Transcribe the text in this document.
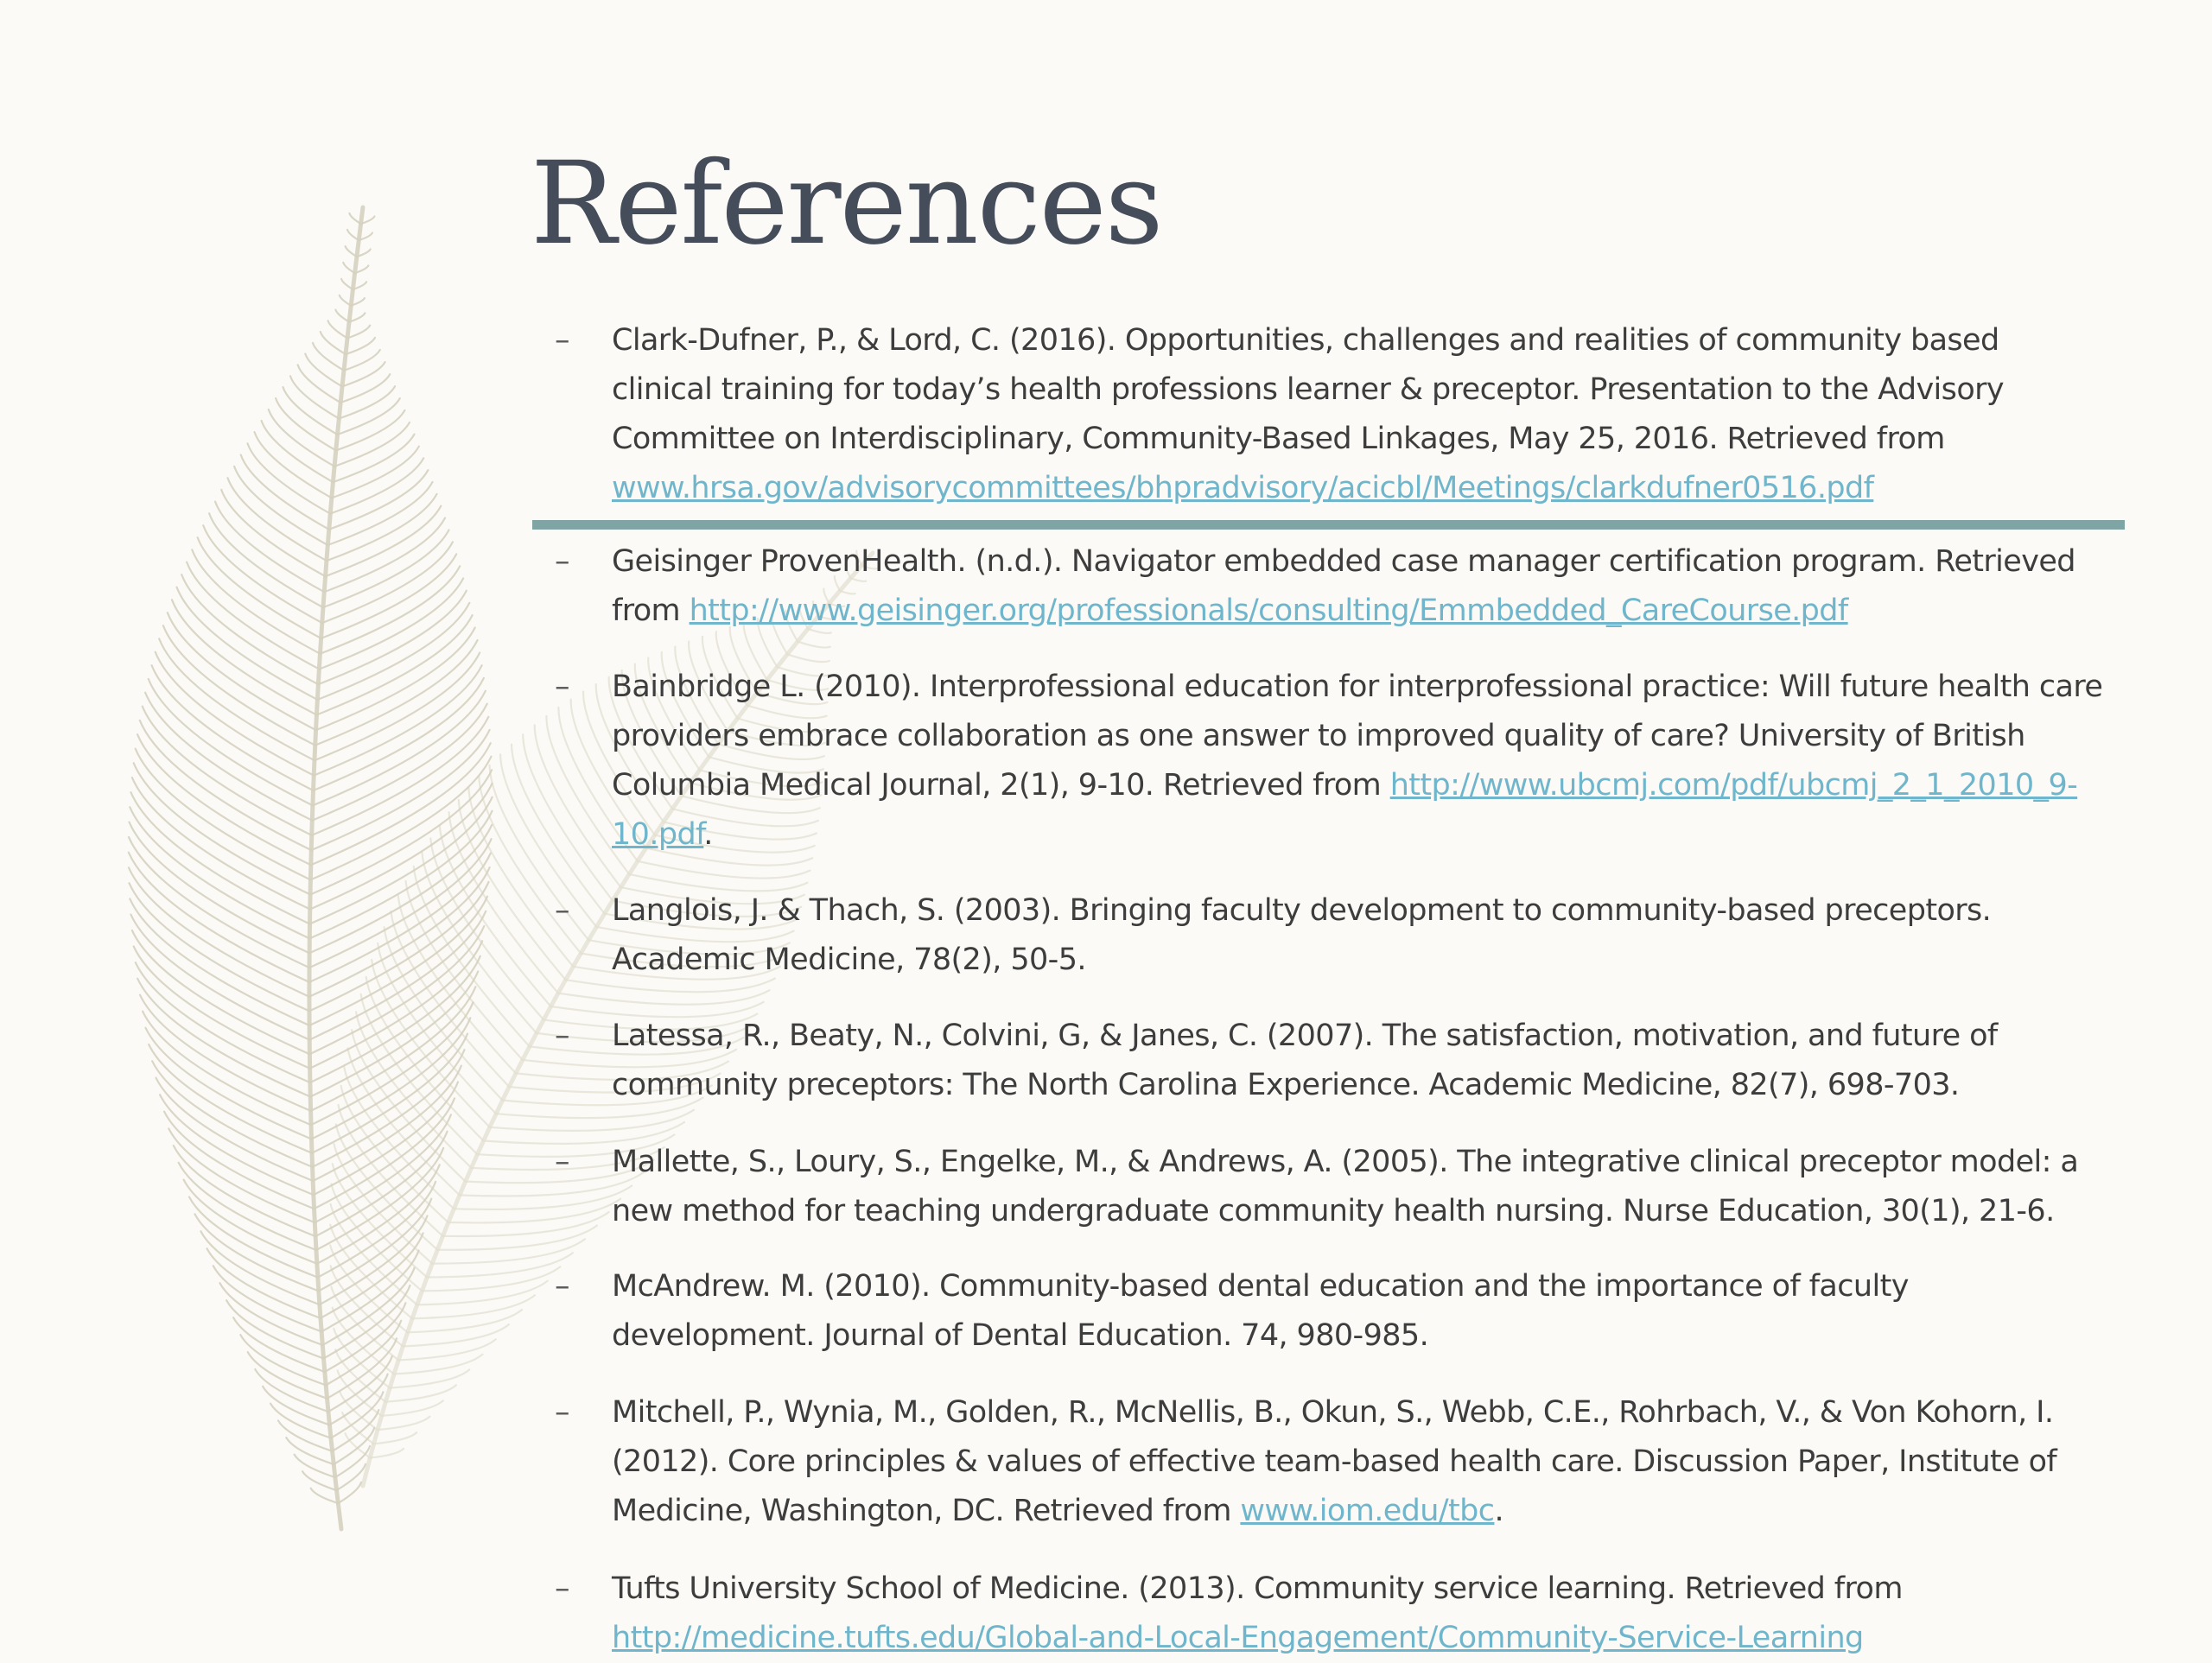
References
– Clark-Dufner, P., & Lord, C. (2016). Opportunities, challenges and realities of community based clinical training for today’s health professions learner & preceptor. Presentation to the Advisory Committee on Interdisciplinary, Community-Based Linkages, May 25, 2016. Retrieved from www.hrsa.gov/advisorycommittees/bhpradvisory/acicbl/Meetings/clarkdufner0516.pdf
– Geisinger ProvenHealth. (n.d.). Navigator embedded case manager certification program. Retrieved from http://www.geisinger.org/professionals/consulting/Emmbedded_CareCourse.pdf
– Bainbridge L. (2010). Interprofessional education for interprofessional practice: Will future health care providers embrace collaboration as one answer to improved quality of care? University of British Columbia Medical Journal, 2(1), 9-10. Retrieved from http://www.ubcmj.com/pdf/ubcmj_2_1_2010_9-10.pdf.
– Langlois, J. & Thach, S. (2003). Bringing faculty development to community-based preceptors. Academic Medicine, 78(2), 50-5.
– Latessa, R., Beaty, N., Colvini, G, & Janes, C. (2007). The satisfaction, motivation, and future of community preceptors: The North Carolina Experience. Academic Medicine, 82(7), 698-703.
– Mallette, S., Loury, S., Engelke, M., & Andrews, A. (2005). The integrative clinical preceptor model: a new method for teaching undergraduate community health nursing. Nurse Education, 30(1), 21-6.
– McAndrew. M. (2010). Community-based dental education and the importance of faculty development. Journal of Dental Education. 74, 980-985.
– Mitchell, P., Wynia, M., Golden, R., McNellis, B., Okun, S., Webb, C.E., Rohrbach, V., & Von Kohorn, I. (2012). Core principles & values of effective team-based health care. Discussion Paper, Institute of Medicine, Washington, DC. Retrieved from www.iom.edu/tbc.
– Tufts University School of Medicine. (2013). Community service learning. Retrieved from http://medicine.tufts.edu/Global-and-Local-Engagement/Community-Service-Learning
